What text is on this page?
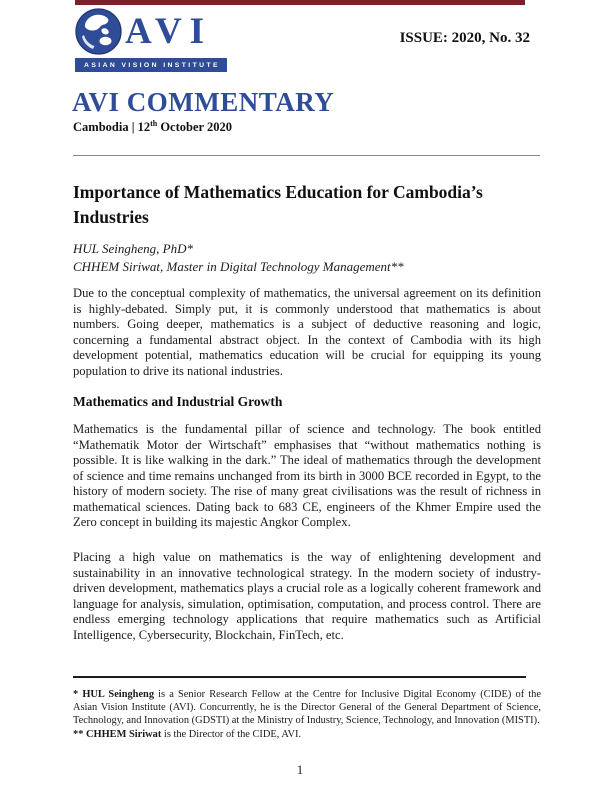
AVI
ASIAN VISION INSTITUTE
ISSUE: 2020, No. 32
AVI COMMENTARY
Cambodia | 12th October 2020
Importance of Mathematics Education for Cambodia’s Industries
HUL Seingheng, PhD*
CHHEM Siriwat, Master in Digital Technology Management**
Due to the conceptual complexity of mathematics, the universal agreement on its definition is highly-debated. Simply put, it is commonly understood that mathematics is about numbers. Going deeper, mathematics is a subject of deductive reasoning and logic, concerning a fundamental abstract object. In the context of Cambodia with its high development potential, mathematics education will be crucial for equipping its young population to drive its national industries.
Mathematics and Industrial Growth
Mathematics is the fundamental pillar of science and technology. The book entitled “Mathematik Motor der Wirtschaft” emphasises that “without mathematics nothing is possible. It is like walking in the dark.” The ideal of mathematics through the development of science and time remains unchanged from its birth in 3000 BCE recorded in Egypt, to the history of modern society. The rise of many great civilisations was the result of richness in mathematical sciences. Dating back to 683 CE, engineers of the Khmer Empire used the Zero concept in building its majestic Angkor Complex.
Placing a high value on mathematics is the way of enlightening development and sustainability in an innovative technological strategy. In the modern society of industry-driven development, mathematics plays a crucial role as a logically coherent framework and language for analysis, simulation, optimisation, computation, and process control. There are endless emerging technology applications that require mathematics such as Artificial Intelligence, Cybersecurity, Blockchain, FinTech, etc.
* HUL Seingheng is a Senior Research Fellow at the Centre for Inclusive Digital Economy (CIDE) of the Asian Vision Institute (AVI). Concurrently, he is the Director General of the General Department of Science, Technology, and Innovation (GDSTI) at the Ministry of Industry, Science, Technology, and Innovation (MISTI).
** CHHEM Siriwat is the Director of the CIDE, AVI.
1
